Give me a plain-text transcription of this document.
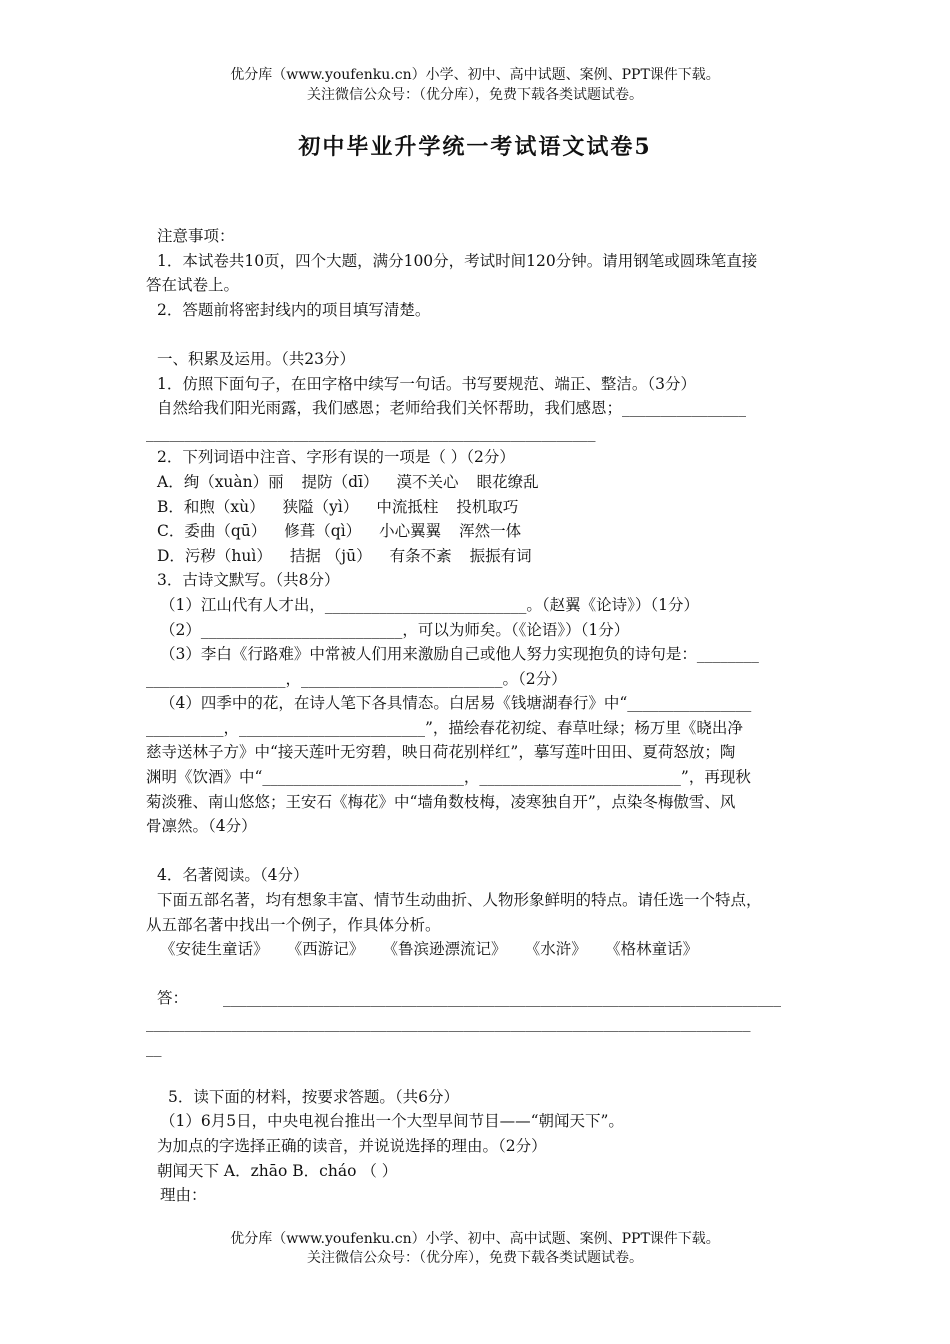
优分库（www.youfenku.cn）小学、初中、高中试题、案例、PPT课件下载。
关注微信公众号：（优分库），免费下载各类试题试卷。
初中毕业升学统一考试语文试卷5
注意事项：
1．本试卷共10页，四个大题，满分100分，考试时间120分钟。请用钢笔或圆珠笔直接
答在试卷上。
2．答题前将密封线内的项目填写清楚。
一、积累及运用。（共23分）
1．仿照下面句子，在田字格中续写一句话。书写要规范、端正、整洁。（3分）
自然给我们阳光雨露，我们感恩；老师给我们关怀帮助，我们感恩；________________
__________________________________________________________
2．下列词语中注音、字形有误的一项是（ ）（2分）
A．绚（xuàn）丽 提防（dī） 漠不关心 眼花缭乱
B．和煦（xù） 狭隘（yì） 中流抵柱 投机取巧
C．委曲（qū） 修葺（qì） 小心翼翼 浑然一体
D．污秽（huì） 拮据 （jū） 有条不紊 振振有词
3．古诗文默写。（共8分）
（1）江山代有人才出，__________________________。（赵翼《论诗》）（1分）
（2）__________________________，可以为师矣。（《论语》）（1分）
（3）李白《行路难》中常被人们用来激励自己或他人努力实现抱负的诗句是：________
__________________，__________________________。（2分）
（4）四季中的花，在诗人笔下各具情态。白居易《钱塘湖春行》中“________________
__________，________________________”，描绘春花初绽、春草吐绿；杨万里《晓出净
慈寺送林子方》中“接天莲叶无穷碧，映日荷花别样红”，摹写莲叶田田、夏荷怒放；陶
渊明《饮酒》中“__________________________，__________________________”，再现秋
菊淡雅、南山悠悠；王安石《梅花》中“墙角数枝梅，凌寒独自开”，点染冬梅傲雪、风
骨凛然。（4分）
4．名著阅读。（4分）
下面五部名著，均有想象丰富、情节生动曲折、人物形象鲜明的特点。请任选一个特点，
从五部名著中找出一个例子，作具体分析。
《安徒生童话》 《西游记》 《鲁滨逊漂流记》 《水浒》 《格林童话》
答： ________________________________________________________________________
______________________________________________________________________________
__
5．读下面的材料，按要求答题。（共6分）
（1）6月5日，中央电视台推出一个大型早间节目——“朝闻天下”。
为加点的字选择正确的读音，并说说选择的理由。（2分）
朝闻天下 A．zhāo B．cháo （ ）
理由：
优分库（www.youfenku.cn）小学、初中、高中试题、案例、PPT课件下载。
关注微信公众号：（优分库），免费下载各类试题试卷。
